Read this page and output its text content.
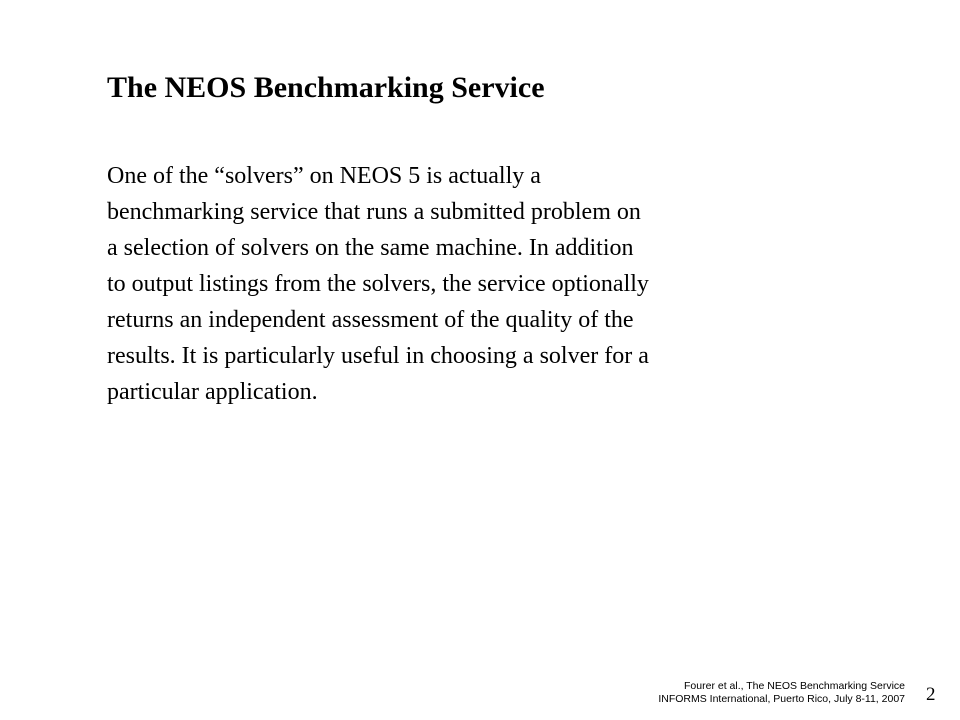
The NEOS Benchmarking Service
One of the “solvers” on NEOS 5 is actually a
benchmarking service that runs a submitted problem on
a selection of solvers on the same machine. In addition
to output listings from the solvers, the service optionally
returns an independent assessment of the quality of the
results. It is particularly useful in choosing a solver for a
particular application.
Fourer et al., The NEOS Benchmarking Service
INFORMS International, Puerto Rico, July 8-11, 2007 2
